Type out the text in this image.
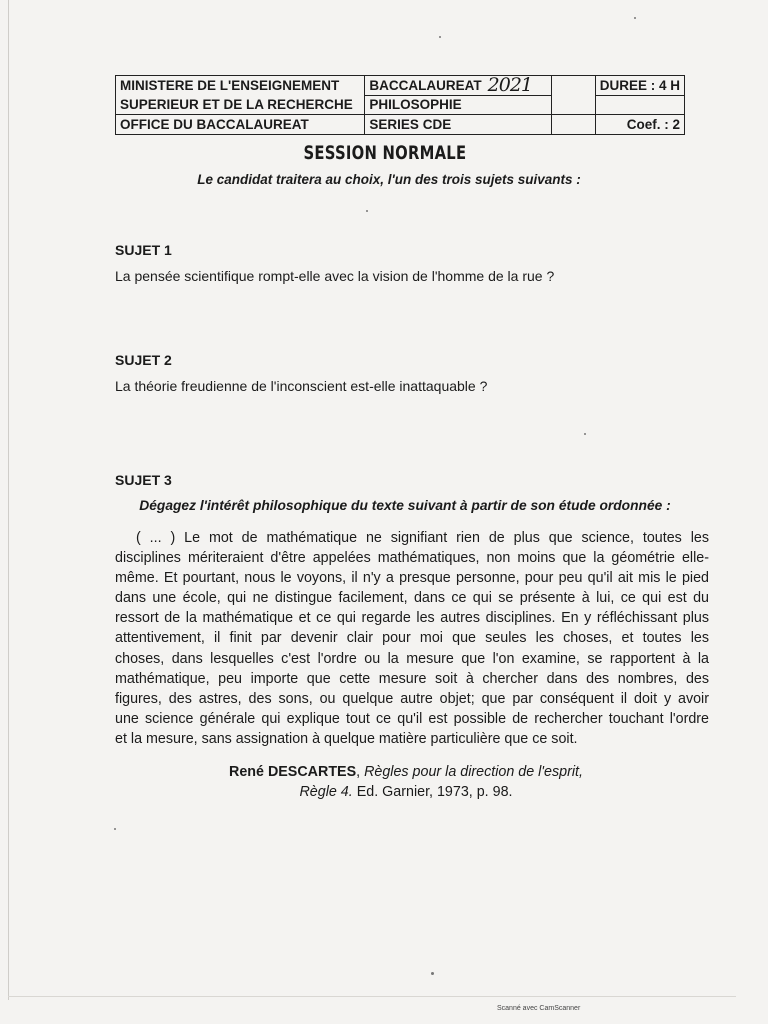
MINISTERE DE L'ENSEIGNEMENT	BACCALAUREAT 2021		DUREE : 4 H
SUPERIEUR ET DE LA RECHERCHE	PHILOSOPHIE		
OFFICE DU BACCALAUREAT	SERIES CDE		Coef. : 2
SESSION NORMALE
Le candidat traitera au choix, l'un des trois sujets suivants :
SUJET 1
La pensée scientifique rompt-elle avec la vision de l'homme de la rue ?
SUJET 2
La théorie freudienne de l'inconscient est-elle inattaquable ?
SUJET 3
Dégagez l'intérêt philosophique du texte suivant à partir de son étude ordonnée :
( ... ) Le mot de mathématique ne signifiant rien de plus que science, toutes les
disciplines mériteraient d'être appelées mathématiques, non moins que la géométrie elle-
même. Et pourtant, nous le voyons, il n'y a presque personne, pour peu qu'il ait mis le pied
dans une école, qui ne distingue facilement, dans ce qui se présente à lui, ce qui est du
ressort de la mathématique et ce qui regarde les autres disciplines. En y réfléchissant plus
attentivement, il finit par devenir clair pour moi que seules les choses, et toutes les
choses, dans lesquelles c'est l'ordre ou la mesure que l'on examine, se rapportent à la
mathématique, peu importe que cette mesure soit à chercher dans des nombres, des
figures, des astres, des sons, ou quelque autre objet; que par conséquent il doit y avoir
une science générale qui explique tout ce qu'il est possible de rechercher touchant l'ordre
et la mesure, sans assignation à quelque matière particulière que ce soit.
René DESCARTES, Règles pour la direction de l'esprit,
Règle 4. Ed. Garnier, 1973, p. 98.
Scanné avec CamScanner
